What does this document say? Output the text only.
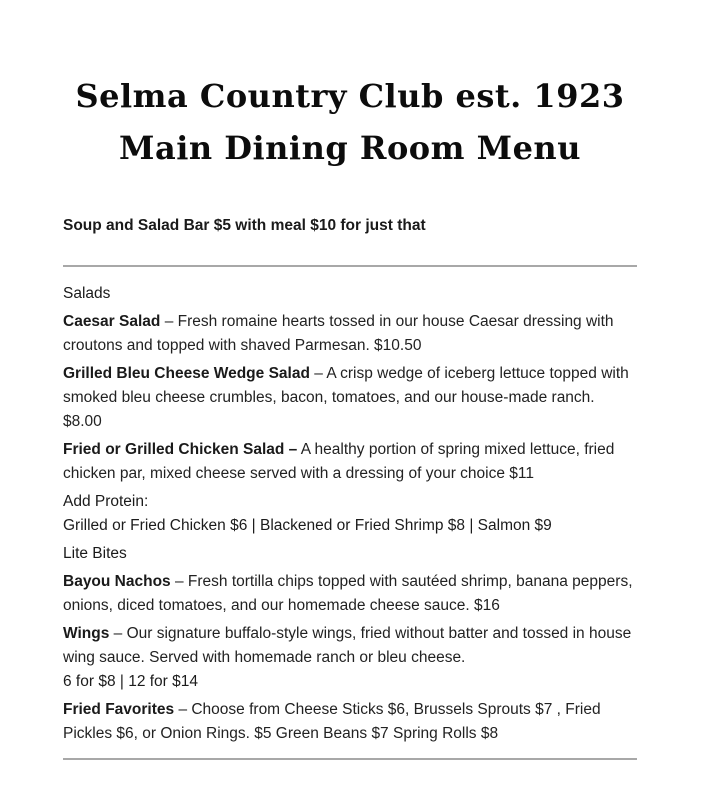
Selma Country Club est. 1923
Main Dining Room Menu

Soup and Salad Bar $5 with meal $10 for just that

Salads

Caesar Salad – Fresh romaine hearts tossed in our house Caesar dressing with croutons and topped with shaved Parmesan. $10.50

Grilled Bleu Cheese Wedge Salad – A crisp wedge of iceberg lettuce topped with smoked bleu cheese crumbles, bacon, tomatoes, and our house-made ranch. $8.00

Fried or Grilled Chicken Salad – A healthy portion of spring mixed lettuce, fried chicken par, mixed cheese served with a dressing of your choice $11

Add Protein:

Grilled or Fried Chicken $6 | Blackened or Fried Shrimp $8 | Salmon $9

Lite Bites

Bayou Nachos – Fresh tortilla chips topped with sautéed shrimp, banana peppers, onions, diced tomatoes, and our homemade cheese sauce. $16

Wings – Our signature buffalo-style wings, fried without batter and tossed in house wing sauce. Served with homemade ranch or bleu cheese.
6 for $8 | 12 for $14

Fried Favorites – Choose from Cheese Sticks $6, Brussels Sprouts $7 , Fried Pickles $6, or Onion Rings. $5 Green Beans $7 Spring Rolls $8
